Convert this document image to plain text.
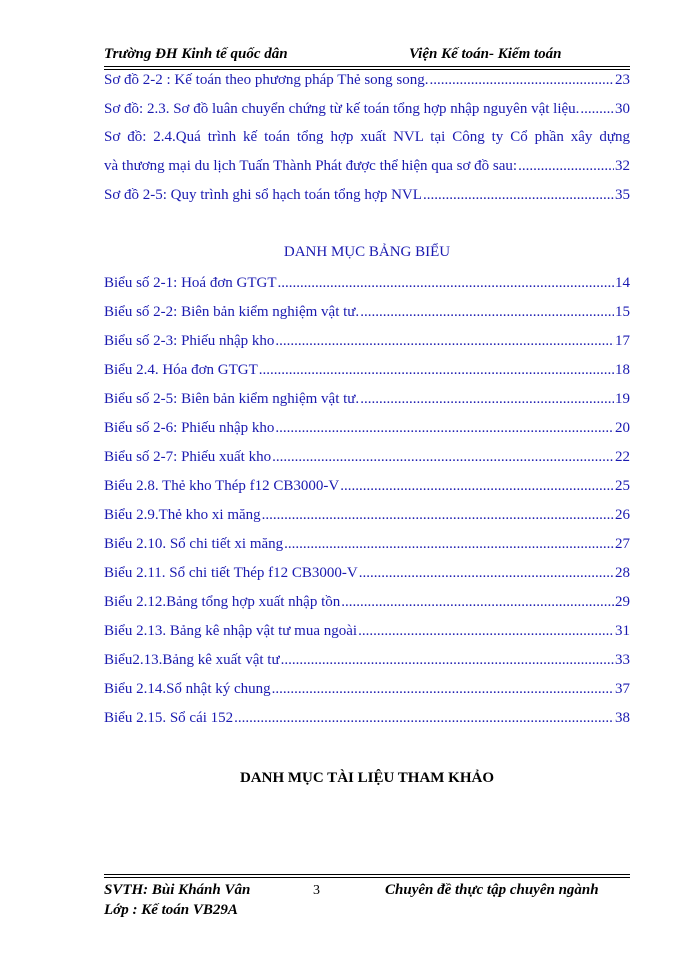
Trường ĐH Kinh tế quốc dân	Viện Kế toán- Kiểm toán
Sơ đồ 2-2 : Kế toán theo phương pháp Thẻ song song. .....	23
Sơ đồ: 2.3. Sơ đồ luân chuyển chứng từ kế toán tổng hợp nhập nguyên vật liệu. ..... 30
Sơ đồ: 2.4.Quá trình kế toán tổng hợp xuất NVL tại Công ty Cổ phần xây dựng
và thương mại du lịch Tuấn Thành Phát được thể hiện qua sơ đồ sau: .....	32
Sơ đồ 2-5: Quy trình ghi sổ hạch toán tổng hợp NVL .....	35
DANH MỤC BẢNG BIỂU
Biểu số 2-1: Hoá đơn GTGT .....	14
Biểu số 2-2: Biên bản kiểm nghiệm vật tư. .....	15
Biểu số 2-3: Phiếu nhập kho .....	17
Biểu 2.4. Hóa đơn GTGT .....	18
Biểu số 2-5: Biên bản kiểm nghiệm vật tư. .....	19
Biểu số 2-6: Phiếu nhập kho .....	20
Biểu số 2-7: Phiếu xuất kho .....	22
Biểu 2.8. Thẻ kho Thép f12 CB3000-V .....	25
Biểu 2.9.Thẻ kho xi măng .....	26
Biểu 2.10. Sổ chi tiết xi măng .....	27
Biểu 2.11. Sổ chi tiết Thép f12 CB3000-V .....	28
Biểu 2.12.Bảng tổng hợp xuất nhập tồn .....	29
Biểu 2.13. Bảng kê nhập vật tư mua ngoài .....	31
Biểu2.13.Bảng kê xuất vật tư .....	33
Biểu 2.14.Sổ nhật ký chung .....	37
Biểu 2.15. Sổ cái 152 .....	38
DANH MỤC TÀI LIỆU THAM KHẢO
SVTH: Bùi Khánh Vân	3	Chuyên đề thực tập chuyên ngành
Lớp : Kế toán VB29A
